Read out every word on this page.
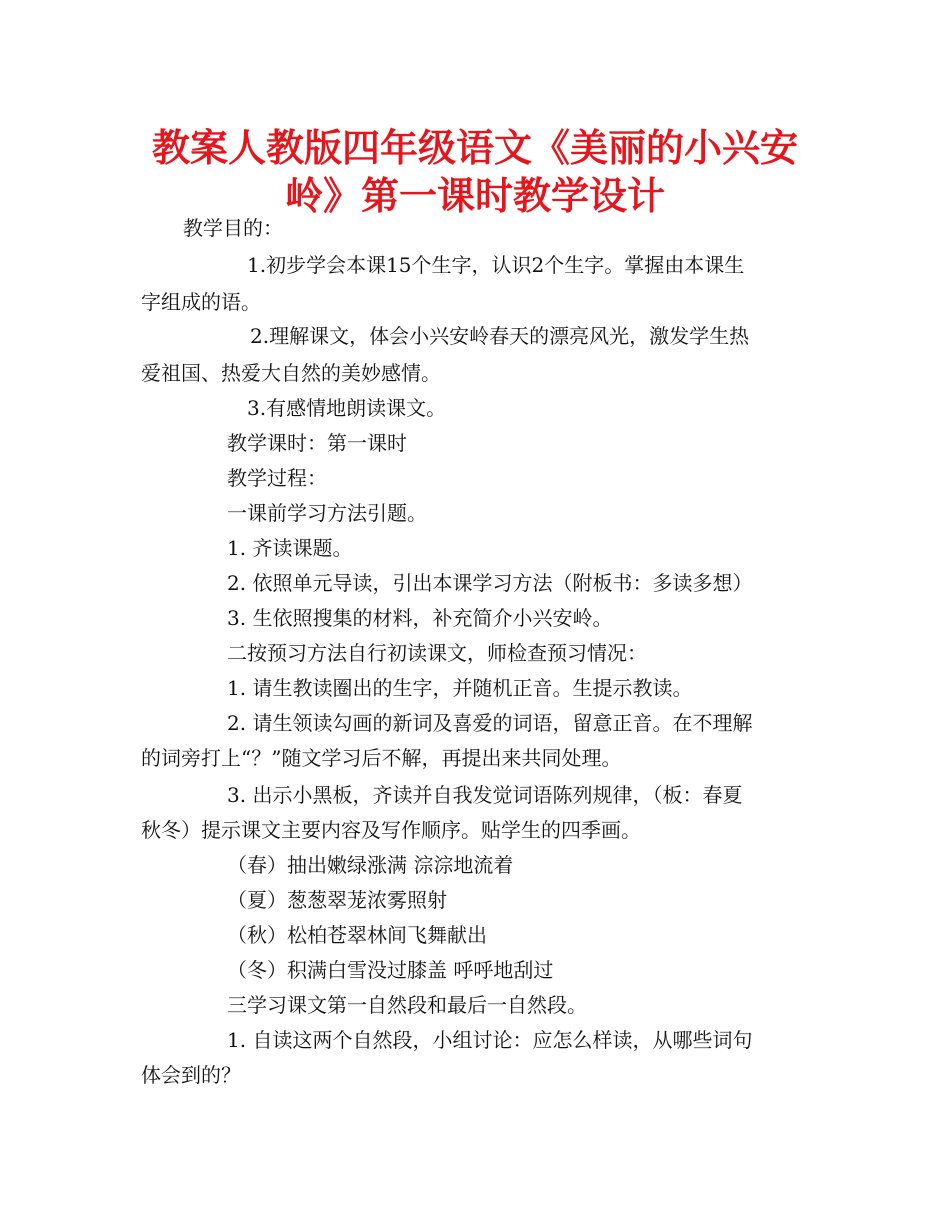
教案人教版四年级语文《美丽的小兴安
岭》第一课时教学设计
教学目的：
1.初步学会本课15个生字，认识2个生字。掌握由本课生
字组成的语。
2.理解课文，体会小兴安岭春天的漂亮风光，激发学生热
爱祖国、热爱大自然的美妙感情。
3.有感情地朗读课文。
教学课时：第一课时
教学过程：
一课前学习方法引题。
1. 齐读课题。
2. 依照单元导读，引出本课学习方法（附板书：多读多想）
3. 生依照搜集的材料，补充简介小兴安岭。
二按预习方法自行初读课文，师检查预习情况：
1. 请生教读圈出的生字，并随机正音。生提示教读。
2. 请生领读勾画的新词及喜爱的词语，留意正音。在不理解
的词旁打上“？”随文学习后不解，再提出来共同处理。
3. 出示小黑板，齐读并自我发觉词语陈列规律，（板：春夏
秋冬）提示课文主要内容及写作顺序。贴学生的四季画。
（春）抽出嫩绿涨满 淙淙地流着
（夏）葱葱翠茏浓雾照射
（秋）松柏苍翠林间飞舞献出
（冬）积满白雪没过膝盖 呼呼地刮过
三学习课文第一自然段和最后一自然段。
1. 自读这两个自然段，小组讨论：应怎么样读，从哪些词句
体会到的？
